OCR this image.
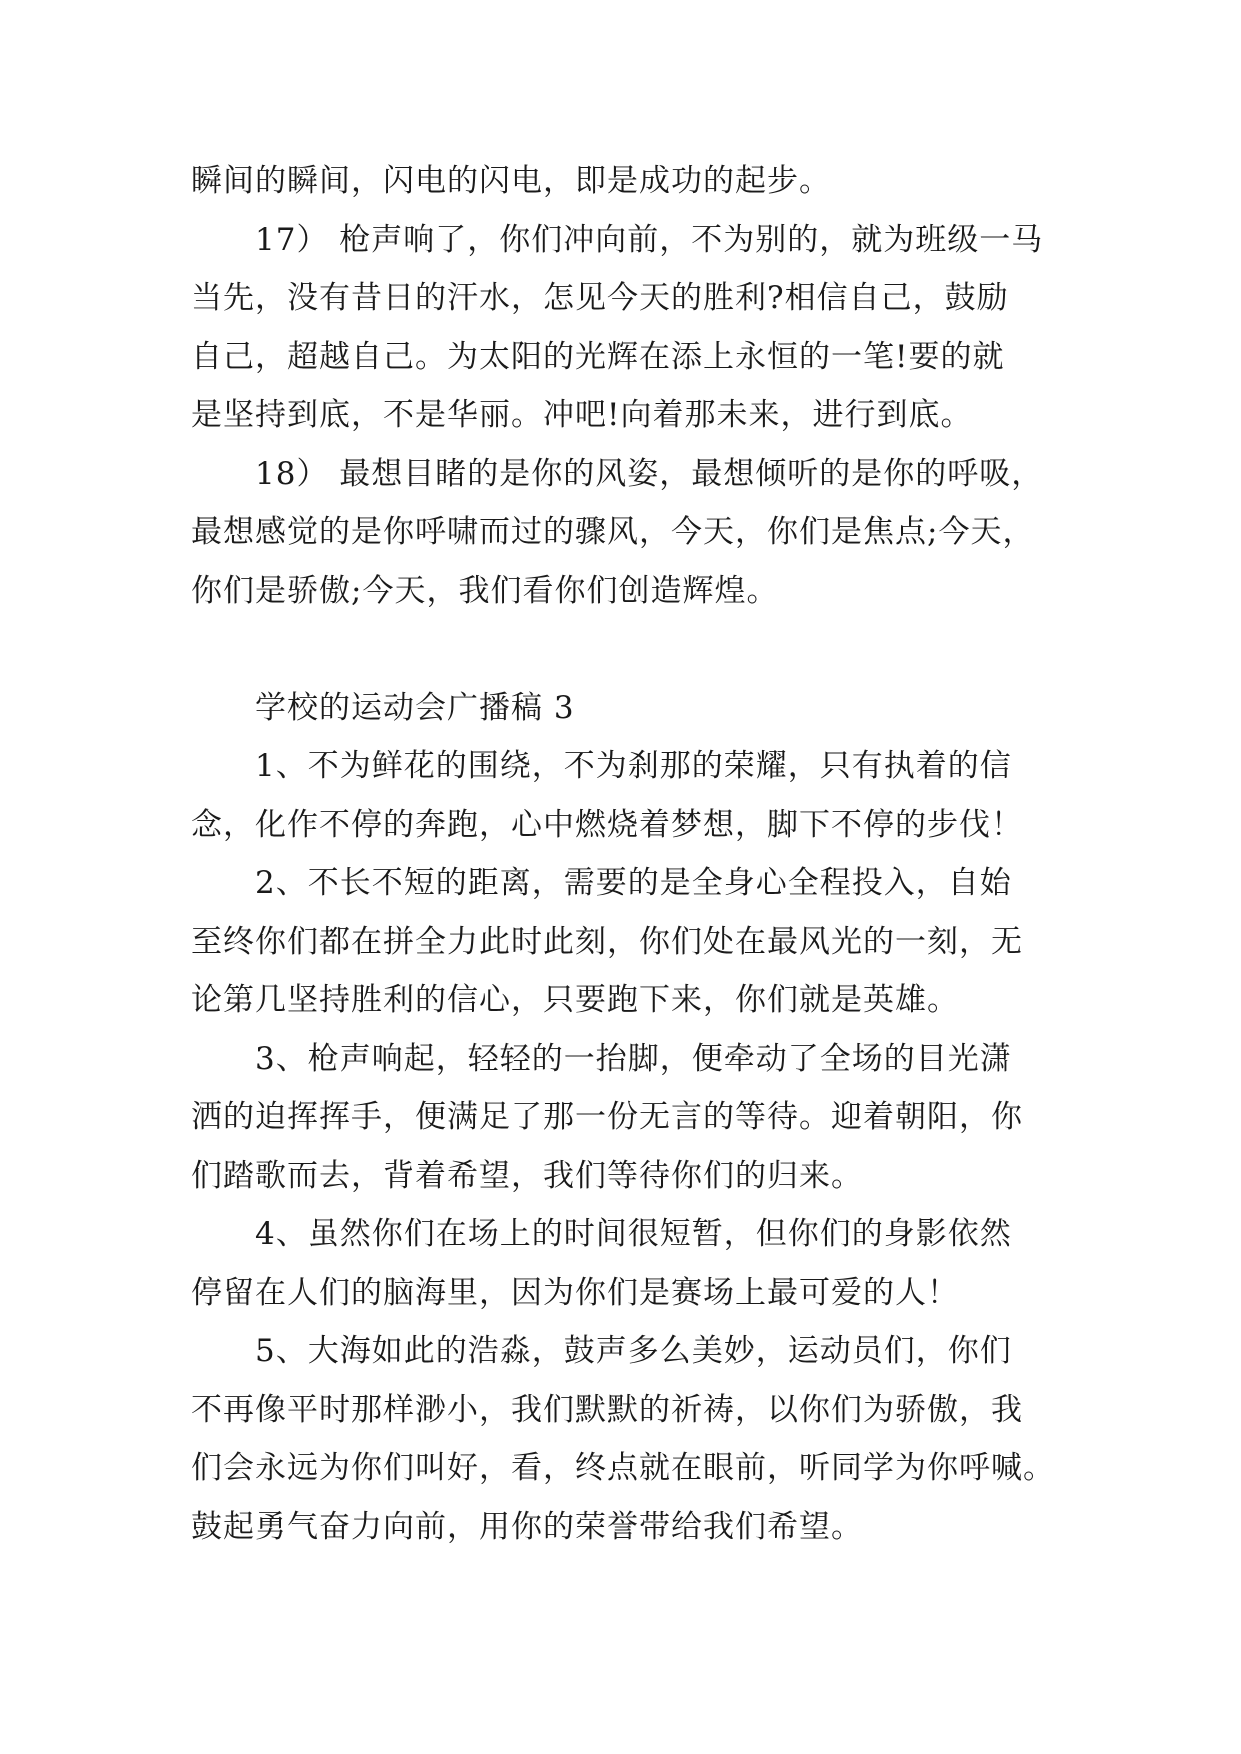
瞬间的瞬间，闪电的闪电，即是成功的起步。
17） 枪声响了，你们冲向前，不为别的，就为班级一马
当先，没有昔日的汗水，怎见今天的胜利?相信自己，鼓励
自己，超越自己。为太阳的光辉在添上永恒的一笔!要的就
是坚持到底，不是华丽。冲吧!向着那未来，进行到底。
18） 最想目睹的是你的风姿，最想倾听的是你的呼吸，
最想感觉的是你呼啸而过的骤风，今天，你们是焦点;今天，
你们是骄傲;今天，我们看你们创造辉煌。
学校的运动会广播稿 3
1、不为鲜花的围绕，不为刹那的荣耀，只有执着的信
念，化作不停的奔跑，心中燃烧着梦想，脚下不停的步伐！
2、不长不短的距离，需要的是全身心全程投入，自始
至终你们都在拼全力此时此刻，你们处在最风光的一刻，无
论第几坚持胜利的信心，只要跑下来，你们就是英雄。
3、枪声响起，轻轻的一抬脚，便牵动了全场的目光潇
洒的迫挥挥手，便满足了那一份无言的等待。迎着朝阳，你
们踏歌而去，背着希望，我们等待你们的归来。
4、虽然你们在场上的时间很短暂，但你们的身影依然
停留在人们的脑海里，因为你们是赛场上最可爱的人！
5、大海如此的浩淼，鼓声多么美妙，运动员们，你们
不再像平时那样渺小，我们默默的祈祷，以你们为骄傲，我
们会永远为你们叫好，看，终点就在眼前，听同学为你呼喊。
鼓起勇气奋力向前，用你的荣誉带给我们希望。
